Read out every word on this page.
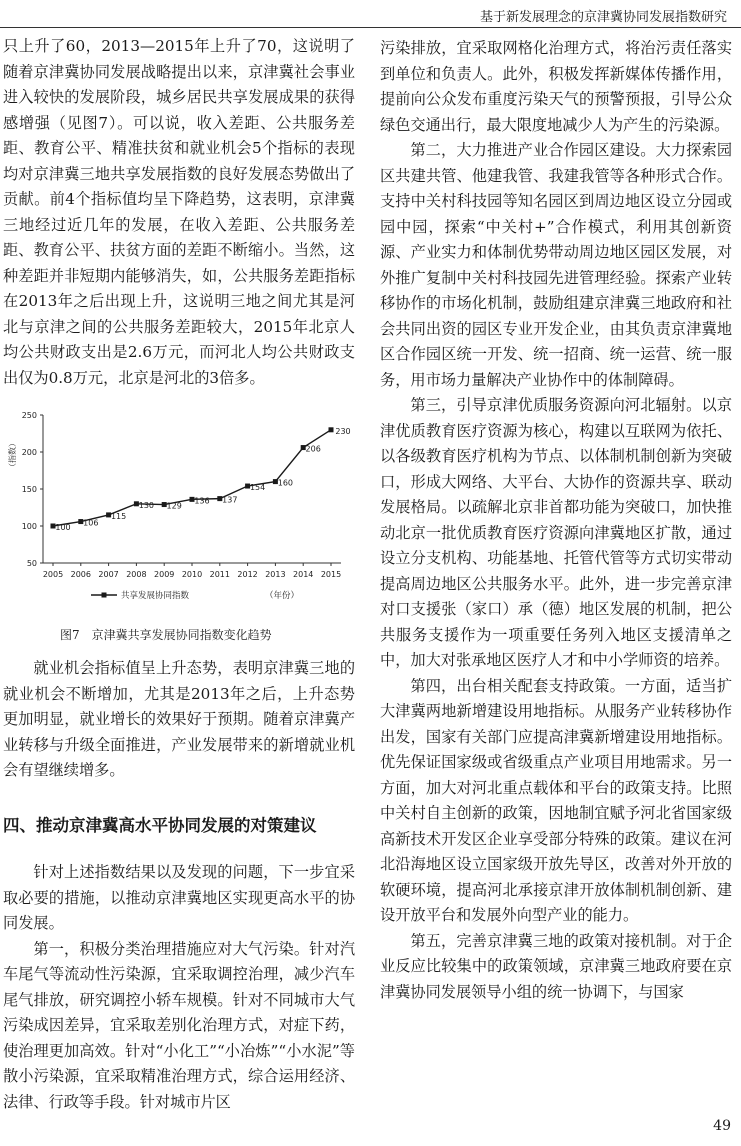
基于新发展理念的京津冀协同发展指数研究

只上升了60，2013—2015年上升了70，这说明了随着京津冀协同发展战略提出以来，京津冀社会事业进入较快的发展阶段，城乡居民共享发展成果的获得感增强（见图7）。可以说，收入差距、公共服务差距、教育公平、精准扶贫和就业机会5个指标的表现均对京津冀三地共享发展指数的良好发展态势做出了贡献。前4个指标值均呈下降趋势，这表明，京津冀三地经过近几年的发展，在收入差距、公共服务差距、教育公平、扶贫方面的差距不断缩小。当然，这种差距并非短期内能够消失，如，公共服务差距指标在2013年之后出现上升，这说明三地之间尤其是河北与京津之间的公共服务差距较大，2015年北京人均公共财政支出是2.6万元，而河北人均公共财政支出仅为0.8万元，北京是河北的3倍多。

50
100
150
200
250
（指数）
2005 2006 2007 2008 2009 2010 2011 2012 2013 2014 2015
100 106
115
130 129
136 137
154 160
206
230
共享发展协同指数	（年份）
图7　京津冀共享发展协同指数变化趋势

就业机会指标值呈上升态势，表明京津冀三地的就业机会不断增加，尤其是2013年之后，上升态势更加明显，就业增长的效果好于预期。随着京津冀产业转移与升级全面推进，产业发展带来的新增就业机会有望继续增多。

四、推动京津冀高水平协同发展的对策建议

针对上述指数结果以及发现的问题，下一步宜采取必要的措施，以推动京津冀地区实现更高水平的协同发展。

第一，积极分类治理措施应对大气污染。针对汽车尾气等流动性污染源，宜采取调控治理，减少汽车尾气排放，研究调控小轿车规模。针对不同城市大气污染成因差异，宜采取差别化治理方式，对症下药，使治理更加高效。针对“小化工”“小冶炼”“小水泥”等散小污染源，宜采取精准治理方式，综合运用经济、法律、行政等手段。针对城市片区

污染排放，宜采取网格化治理方式，将治污责任落实到单位和负责人。此外，积极发挥新媒体传播作用，提前向公众发布重度污染天气的预警预报，引导公众绿色交通出行，最大限度地减少人为产生的污染源。

第二，大力推进产业合作园区建设。大力探索园区共建共管、他建我管、我建我管等各种形式合作。支持中关村科技园等知名园区到周边地区设立分园或园中园，探索“中关村+”合作模式，利用其创新资源、产业实力和体制优势带动周边地区园区发展，对外推广复制中关村科技园先进管理经验。探索产业转移协作的市场化机制，鼓励组建京津冀三地政府和社会共同出资的园区专业开发企业，由其负责京津冀地区合作园区统一开发、统一招商、统一运营、统一服务，用市场力量解决产业协作中的体制障碍。

第三，引导京津优质服务资源向河北辐射。以京津优质教育医疗资源为核心，构建以互联网为依托、以各级教育医疗机构为节点、以体制机制创新为突破口，形成大网络、大平台、大协作的资源共享、联动发展格局。以疏解北京非首都功能为突破口，加快推动北京一批优质教育医疗资源向津冀地区扩散，通过设立分支机构、功能基地、托管代管等方式切实带动提高周边地区公共服务水平。此外，进一步完善京津对口支援张（家口）承（德）地区发展的机制，把公共服务支援作为一项重要任务列入地区支援清单之中，加大对张承地区医疗人才和中小学师资的培养。

第四，出台相关配套支持政策。一方面，适当扩大津冀两地新增建设用地指标。从服务产业转移协作出发，国家有关部门应提高津冀新增建设用地指标。优先保证国家级或省级重点产业项目用地需求。另一方面，加大对河北重点载体和平台的政策支持。比照中关村自主创新的政策，因地制宜赋予河北省国家级高新技术开发区企业享受部分特殊的政策。建议在河北沿海地区设立国家级开放先导区，改善对外开放的软硬环境，提高河北承接京津开放体制机制创新、建设开放平台和发展外向型产业的能力。

第五，完善京津冀三地的政策对接机制。对于企业反应比较集中的政策领域，京津冀三地政府要在京津冀协同发展领导小组的统一协调下，与国家

49
